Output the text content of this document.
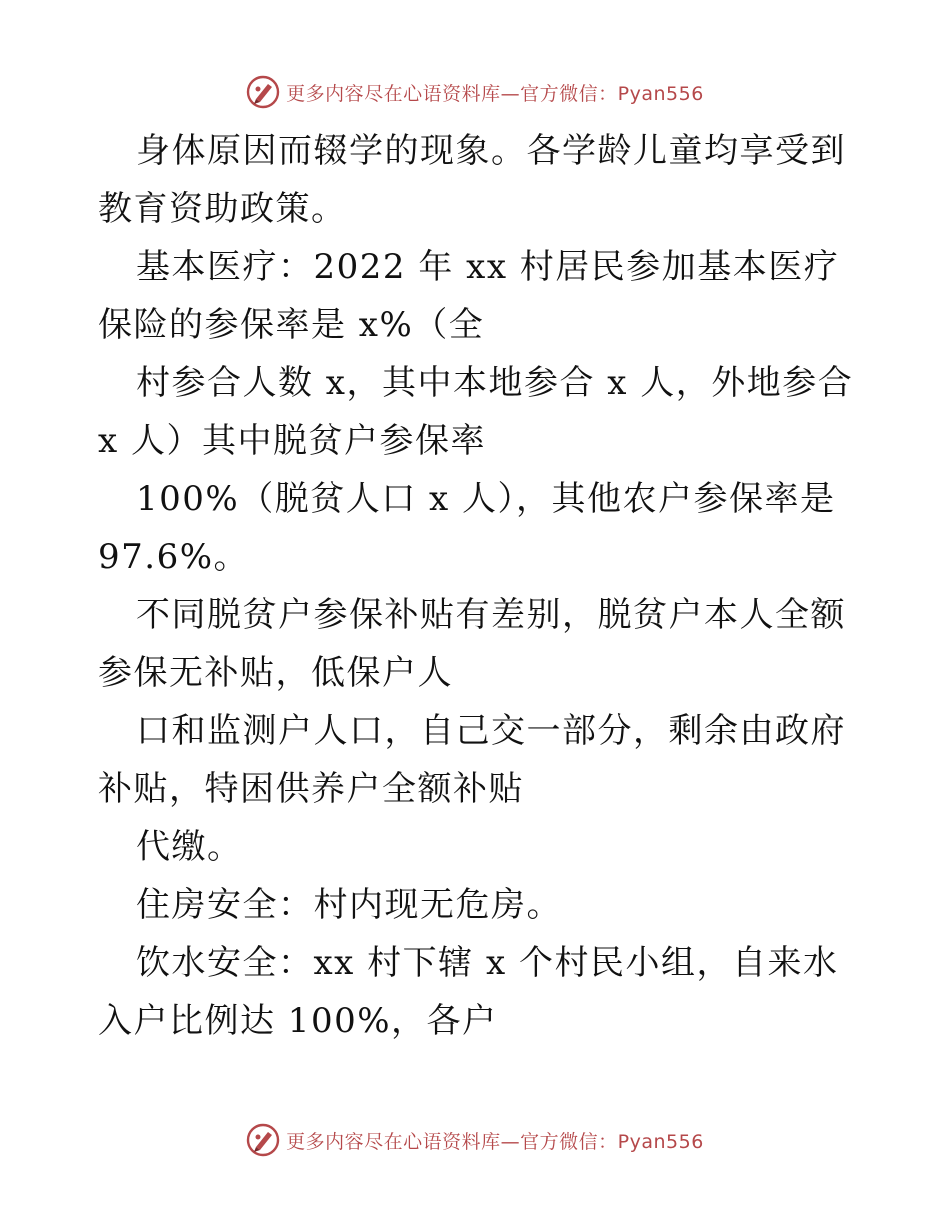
更多内容尽在心语资料库—官方微信：Pyan556

身体原因而辍学的现象。各学龄儿童均享受到教育资助政策。

基本医疗：2022 年 xx 村居民参加基本医疗保险的参保率是 x%（全

村参合人数 x，其中本地参合 x 人，外地参合 x 人）其中脱贫户参保率

100%（脱贫人口 x 人），其他农户参保率是 97.6%。

不同脱贫户参保补贴有差别，脱贫户本人全额参保无补贴，低保户人

口和监测户人口，自己交一部分，剩余由政府补贴，特困供养户全额补贴

代缴。

住房安全：村内现无危房。

饮水安全：xx 村下辖 x 个村民小组，自来水入户比例达 100%，各户

更多内容尽在心语资料库—官方微信：Pyan556
